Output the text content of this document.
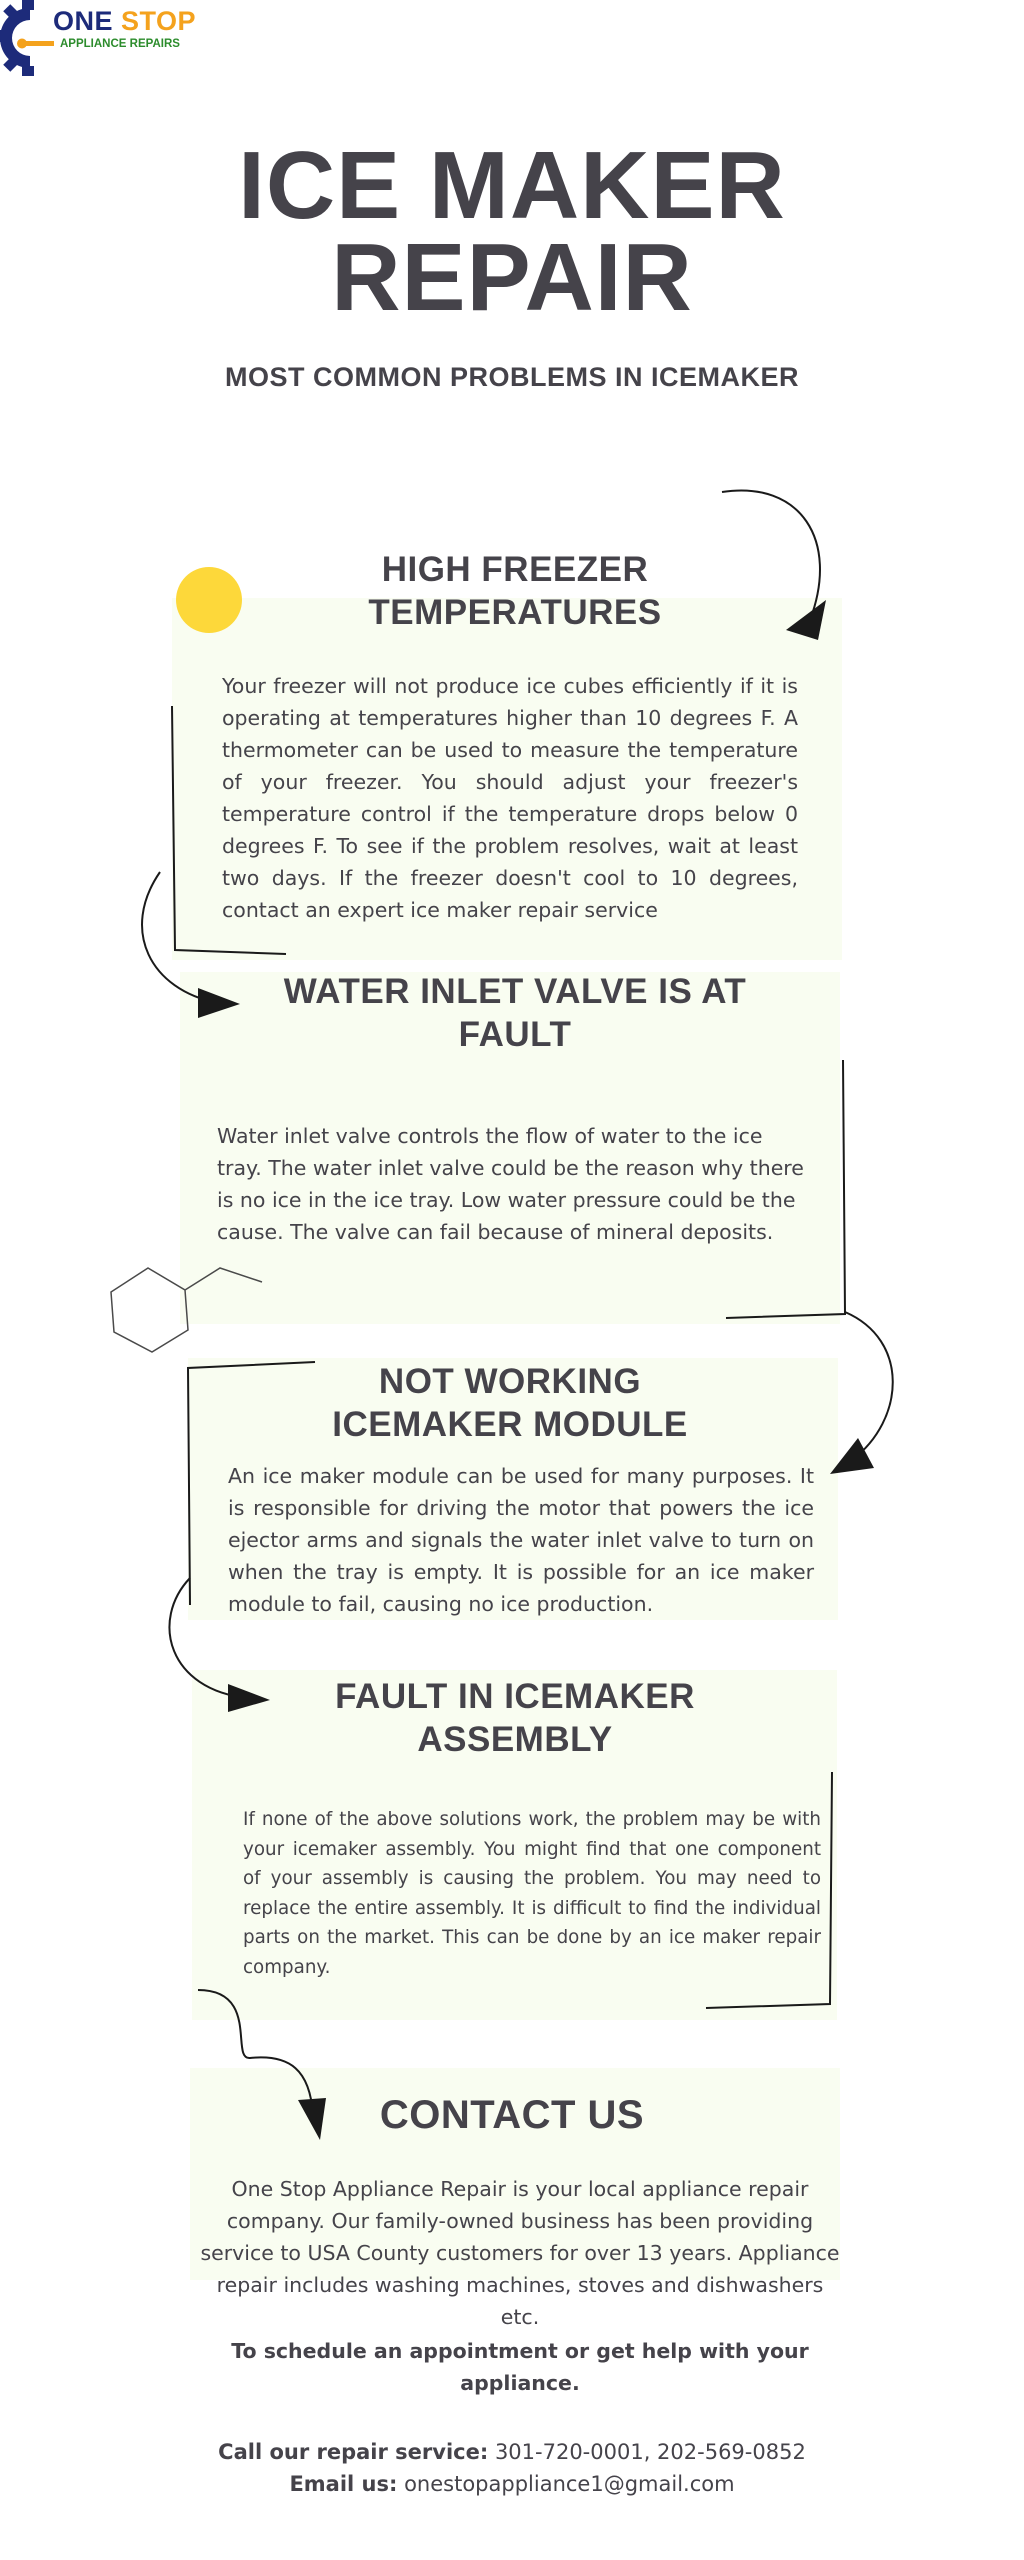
ONE STOP
APPLIANCE REPAIRS
ICE MAKER
REPAIR
MOST COMMON PROBLEMS IN ICEMAKER
HIGH FREEZER
TEMPERATURES
Your freezer will not produce ice cubes efficiently if it is operating at temperatures higher than 10 degrees F. A thermometer can be used to measure the temperature of your freezer. You should adjust your freezer's temperature control if the temperature drops below 0 degrees F. To see if the problem resolves, wait at least two days. If the freezer doesn't cool to 10 degrees, contact an expert ice maker repair service
WATER INLET VALVE IS AT
FAULT
Water inlet valve controls the flow of water to the ice tray. The water inlet valve could be the reason why there is no ice in the ice tray. Low water pressure could be the cause. The valve can fail because of mineral deposits.
NOT WORKING
ICEMAKER MODULE
An ice maker module can be used for many purposes. It is responsible for driving the motor that powers the ice ejector arms and signals the water inlet valve to turn on when the tray is empty. It is possible for an ice maker module to fail, causing no ice production.
FAULT IN ICEMAKER
ASSEMBLY
If none of the above solutions work, the problem may be with your icemaker assembly. You might find that one component of your assembly is causing the problem. You may need to replace the entire assembly. It is difficult to find the individual parts on the market. This can be done by an ice maker repair company.
CONTACT US
One Stop Appliance Repair is your local appliance repair company. Our family-owned business has been providing service to USA County customers for over 13 years. Appliance repair includes washing machines, stoves and dishwashers etc.
To schedule an appointment or get help with your appliance.
Call our repair service: 301-720-0001, 202-569-0852
Email us: onestopappliance1@gmail.com
